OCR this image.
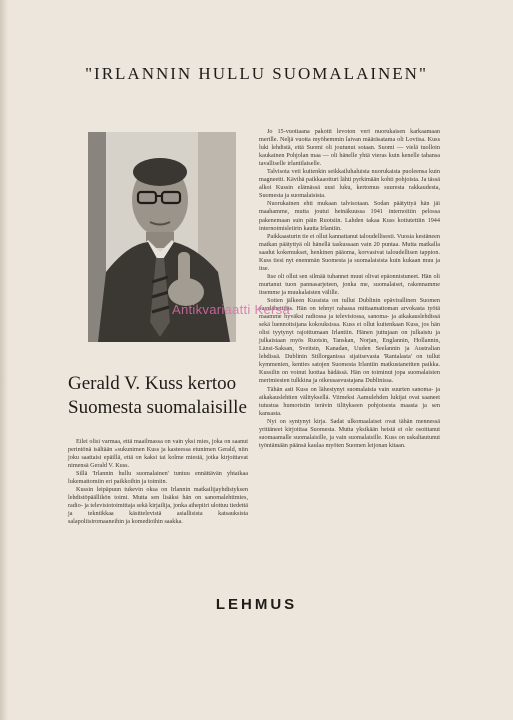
"IRLANNIN HULLU SUOMALAINEN"
Gerald V. Kuss kertoo
Suomesta suomalaisille

Eilei olisi varmaa, että maailmassa on vain yksi mies, joka on saanut perintönä isältään »sukunimen Kuss ja kasteessa etunimen Gerald, niin joku saattaisi epäillä, että on kaksi tai kolme miestä, jotka kirjoittavat nimensä Gerald V. Kuss.

Sillä 'Irlannin hullu suomalainen' tuntuu ennättävän yhtaikaa lukemattomiin eri paikkoihin ja toimiin.

Kussin leipäpuun tukevin oksa on Irlannin matkailijayhdistyksen lehdistöpäällikön toimi. Mutta sen lisäksi hän on sanomalehtimies, radio- ja televisiotoimittaja sekä kirjailija, jonka aihepiiri ulottuu tiedettä ja tekniikkaa käsittelevistä asiallisista katsauksista salapoliisiromaaneihin ja komedioihin saakka.

Jo 15-vuotiaana pakotti levoton veri nuorukaisen karkaamaan merille. Neljä vuotta myöhemmin laivan määräsatama oli Loviisa. Kuss luki lehdistä, että Suomi oli joutunut sotaan. Suomi — vielä tuolloin kaukainen Pohjolan maa — oli hänelle yhtä vieras kuin kenelle tahansa tavalliselle irlantilaiselle.

Talvisota veti kuitenkin seikkailuhaluista nuorukaista puoleensa kuin magneetti. Kävihä paikkaaotturi lähti pyrkimään kohti pohjoista. Ja tässä alkoi Kussin elämässä uusi luku, kertomus suuresta rakkaudesta, Suomesta ja suomalaisista.

Nuorukainen ehti mukaan talvisotaan. Sodan päätyttyä hän jäi maahamme, mutta joutui heinäkuussa 1941 internoitiin pelossa pakenemaan suin päin Ruotsiin. Lahden takaa Kuss kotiutettiin 1944 internoimisleiirin kautta Irlantiin.

Paikkaasturin tie ei ollut kannattanut taloudellisesti. Vuosia kestäneen matkan päätyttyä oli hänellä taskussaan vain 20 puntaa. Mutta matkalla saadut kokemukset, henkinen pääoma, korvasivat taloudellisen tappion. Kuss tiesi nyt enemmän Suomesta ja suomalaisista kuin kukaan muu ja itse.

Itse oli ollut sen silmää tuhannet muut olivat epäonnistuneet. Hän oli murtanut tuon pannasarjeteen, jonka me, suomalaiset, rakennamme itsemme ja muukalaisten välille.

Sotien jälkeen Kussista on tullut Dublinin epävirallinen Suomen suurlähettiläs. Hän on tehnyt rahassa mittaamattoman arvokasta työtä maamme hyväksi radiossa ja televisiossa, sanoma- ja aikakauslehdissä sekä luennoitsijana kokouksissa. Kuss ei ollut kuitenkaan Kuss, jos hän olisi tyytynyt rajoittumaan Irlantiin. Hänen juttujaan on julkaistu ja julkaistaan myös Ruotsin, Tanskan, Norjan, Englannin, Hollannin, Länsi-Saksan, Sveitsin, Kanadan, Uuden Seelannin ja Australian lehdissä. Dublinin Stillorganissa sijaitsevasta 'Rantalasta' on tullut kymmenien, kenties satojen Suomesta Irlantiin matkustaneitten paikka. Kussilin on voinut luottaa hädässä. Hän on toiminut jopa suomalaisten merimiesten tulkkina ja oikeusasvustajana Dublinissa.

Tähän asti Kuss on lähestynyt suomalaisia vain suurten sanoma- ja aikakauslehtien välityksellä. Viimeksi Aamulehden lukijat ovat saaneet tutustua humoristin terävin tilitykseen pohjoisesta maasta ja sen kansasta.

Nyt on syntynyt kirja. Sadat ulkomaalaiset ovat tähän mennessä yrittäneet kirjoittaa Suomesta. Mutta yksikään heistä ei ole osoittanut suomaamalle suomalaisille, ja vain suomalaisille. Kuss on uskaltautunut työntämään päänsä kaulaa myöten Suomen leijonan kitaan.

Antikvariaatti Kersa
LEHMUS
